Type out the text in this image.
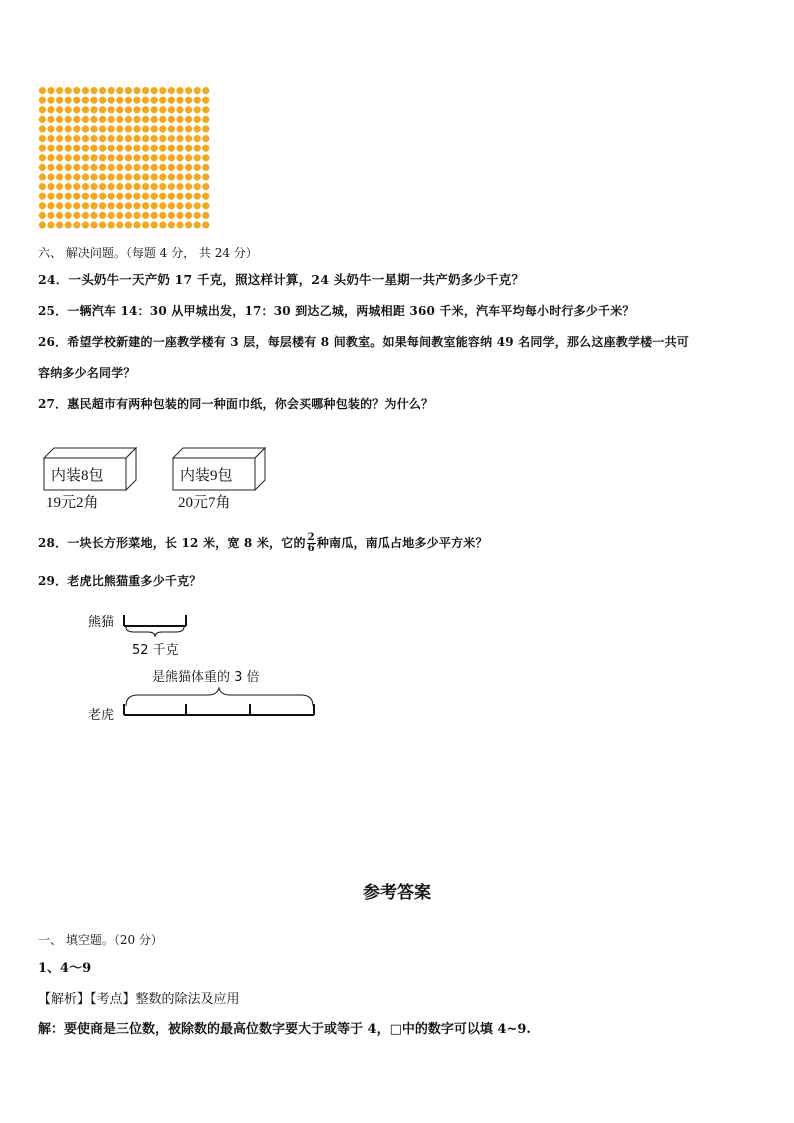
六、 解决问题。（每题 4 分， 共 24 分）
24．一头奶牛一天产奶 17 千克，照这样计算，24 头奶牛一星期一共产奶多少千克？
25．一辆汽车 14：30 从甲城出发，17：30 到达乙城，两城相距 360 千米，汽车平均每小时行多少千米？
26．希望学校新建的一座教学楼有 3 层，每层楼有 8 间教室。如果每间教室能容纳 49 名同学，那么这座教学楼一共可
容纳多少名同学？
27．惠民超市有两种包装的同一种面巾纸，你会买哪种包装的？为什么？
内装8包
19元2角
内装9包
20元7角
28．一块长方形菜地，长 12 米，宽 8 米，它的 $\frac{2}{6}$ 种南瓜，南瓜占地多少平方米？
29．老虎比熊猫重多少千克？
熊猫
52 千克
是熊猫体重的 3 倍
老虎
参考答案
一、 填空题。（20 分）
1、4～9
【解析】【考点】整数的除法及应用
解：要使商是三位数，被除数的最高位数字要大于或等于 4，□中的数字可以填 4~9.
